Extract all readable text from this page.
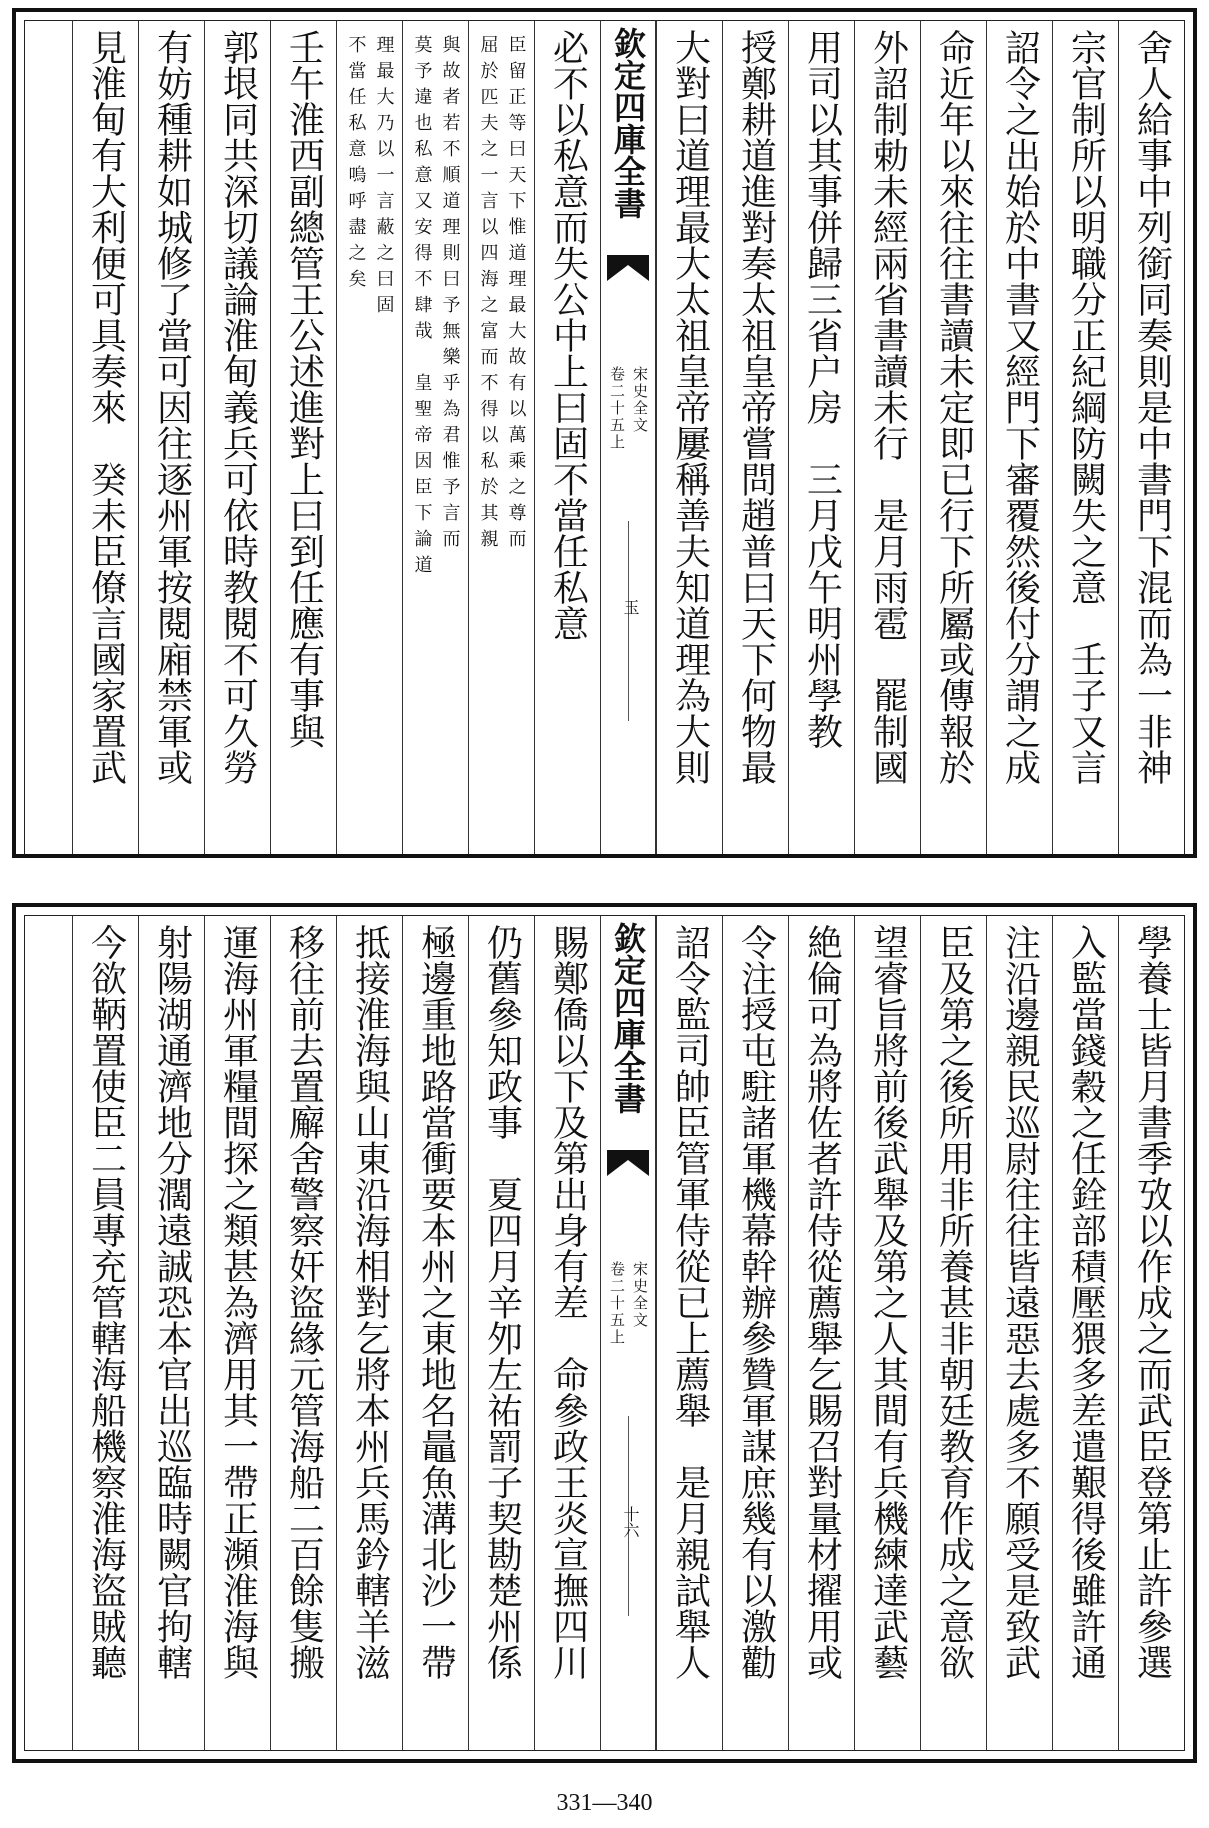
舍人給事中列銜同奏則是中書門下混而為一非神
宗官制所以明職分正紀綱防闕失之意　壬子又言
詔令之出始於中書又經門下審覆然後付分謂之成
命近年以來往往書讀未定即已行下所屬或傳報於
外詔制勅未經兩省書讀未行　是月雨雹　罷制國
用司以其事併歸三省户房　三月戊午明州學教
授鄭耕道進對奏太祖皇帝嘗問趙普曰天下何物最
大對曰道理最大太祖皇帝屢稱善夫知道理為大則
欽定四庫全書
宋史全文
卷二十五上
玉
必不以私意而失公中上曰固不當任私意
臣留正等曰天下惟道理最大故有以萬乘之尊而
屈於匹夫之一言以四海之富而不得以私於其親
與故者若不順道理則曰予無樂乎為君惟予言而
莫予違也私意又安得不肆哉　皇聖帝因臣下論道
理最大乃以一言蔽之曰固
不當任私意嗚呼盡之矣
壬午淮西副總管王公述進對上曰到任應有事與
郭垠同共深切議論淮甸義兵可依時教閱不可久勞
有妨種耕如城修了當可因往逐州軍按閱廂禁軍或
見淮甸有大利便可具奏來　癸未臣僚言國家置武
學養士皆月書季攷以作成之而武臣登第止許參選
入監當錢穀之任銓部積壓猥多差遣艱得後雖許通
注沿邊親民巡尉往往皆遠惡去處多不願受是致武
臣及第之後所用非所養甚非朝廷教育作成之意欲
望睿旨將前後武舉及第之人其間有兵機練達武藝
絶倫可為將佐者許侍從薦舉乞賜召對量材擢用或
令注授屯駐諸軍機幕幹辦參贊軍謀庶幾有以激勸
詔令監司帥臣管軍侍從已上薦舉　是月親試舉人
欽定四庫全書
宋史全文
卷二十五上
十六
賜鄭僑以下及第出身有差　命參政王炎宣撫四川
仍舊參知政事　夏四月辛夘左祐罰子契勘楚州係
極邊重地路當衝要本州之東地名鼂魚溝北沙一帶
抵接淮海與山東沿海相對乞將本州兵馬鈐轄羊滋
移往前去置廨舍警察奸盜緣元管海船二百餘隻搬
運海州軍糧間探之類甚為濟用其一帶正瀕淮海與
射陽湖通濟地分濶遠誠恐本官出巡臨時闕官拘轄
今欲鞆置使臣二員專充管轄海船機察淮海盜賊聽
331—340
